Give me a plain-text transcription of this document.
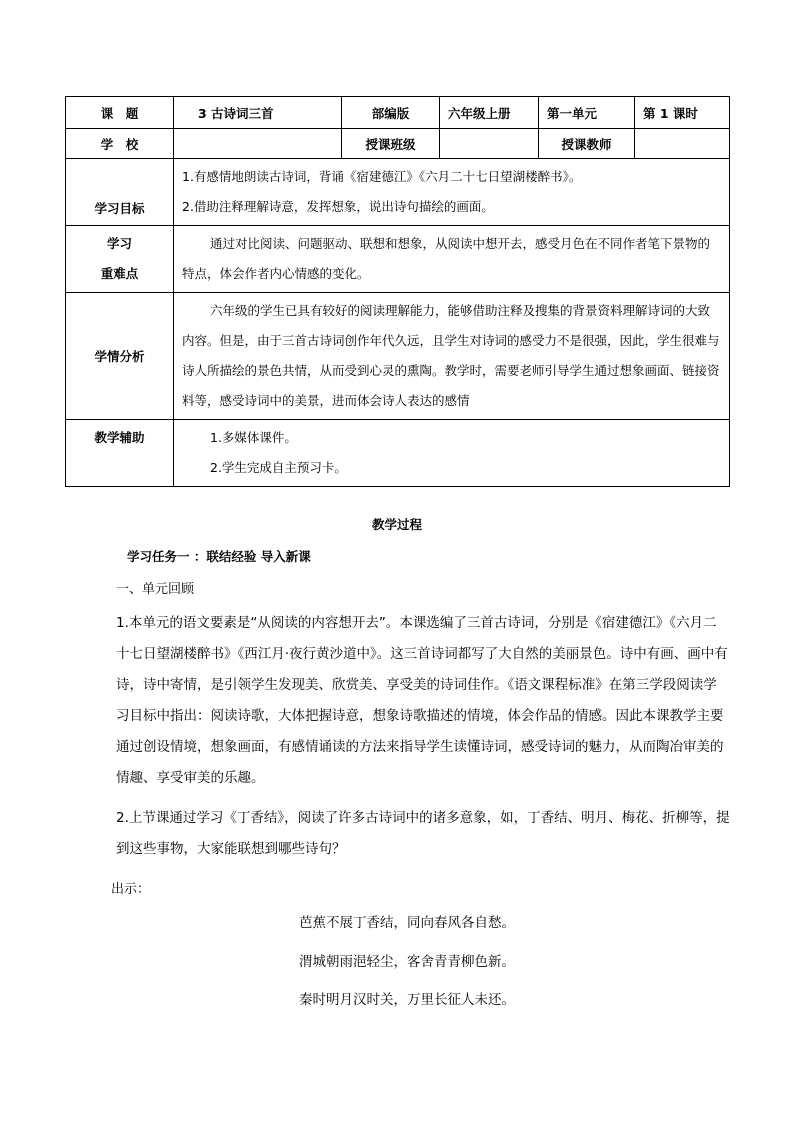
课　题	3 古诗词三首	部编版	六年级上册	第一单元	第 1 课时
学　校		授课班级		授课教师	
学习目标	1.有感情地朗读古诗词，背诵《宿建德江》《六月二十七日望湖楼醉书》。
2.借助注释理解诗意，发挥想象，说出诗句描绘的画面。				

学习
重难点	通过对比阅读、问题驱动、联想和想象，从阅读中想开去，感受月色在不同作者笔下景物的特点，体会作者内心情感的变化。				
学情分析	六年级的学生已具有较好的阅读理解能力，能够借助注释及搜集的背景资料理解诗词的大致内容。但是，由于三首古诗词创作年代久远，且学生对诗词的感受力不是很强，因此，学生很难与诗人所描绘的景色共情，从而受到心灵的熏陶。教学时，需要老师引导学生通过想象画面、链接资料等，感受诗词中的美景，进而体会诗人表达的感情				
教学辅助	1.多媒体课件。
2.学生完成自主预习卡。				
教学过程
学习任务一 ：联结经验 导入新课
一、单元回顾
1.本单元的语文要素是“从阅读的内容想开去”。本课选编了三首古诗词，分别是《宿建德江》《六月二十七日望湖楼醉书》《西江月·夜行黄沙道中》。这三首诗词都写了大自然的美丽景色。诗中有画、画中有诗，诗中寄情，是引领学生发现美、欣赏美、享受美的诗词佳作。《语文课程标准》在第三学段阅读学习目标中指出：阅读诗歌，大体把握诗意，想象诗歌描述的情境，体会作品的情感。因此本课教学主要通过创设情境，想象画面，有感情诵读的方法来指导学生读懂诗词，感受诗词的魅力，从而陶冶审美的情趣、享受审美的乐趣。
2.上节课通过学习《丁香结》，阅读了许多古诗词中的诸多意象，如，丁香结、明月、梅花、折柳等，提到这些事物，大家能联想到哪些诗句？
出示：
芭蕉不展丁香结，同向春风各自愁。
渭城朝雨浥轻尘，客舍青青柳色新。
秦时明月汉时关，万里长征人未还。
